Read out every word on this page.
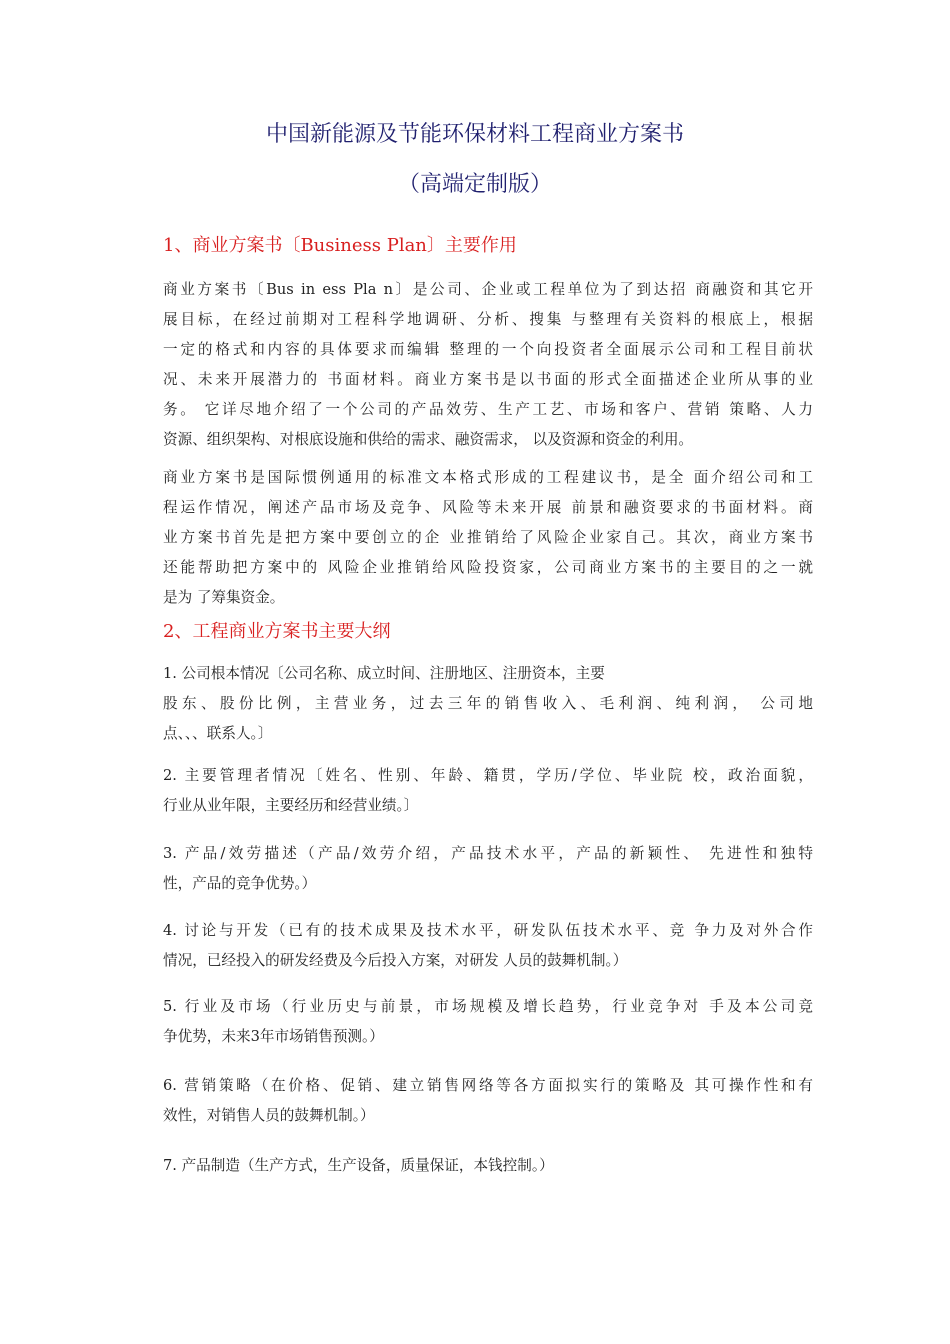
中国新能源及节能环保材料工程商业方案书
（高端定制版）
1、商业方案书〔Business Plan〕主要作用
商业方案书〔Bus in ess Pla n〕是公司、企业或工程单位为了到达招 商融资和其它开
展目标，在经过前期对工程科学地调研、分析、搜集 与整理有关资料的根底上，根据
一定的格式和内容的具体要求而编辑 整理的一个向投资者全面展示公司和工程目前状
况、未来开展潜力的 书面材料。商业方案书是以书面的形式全面描述企业所从事的业
务。 它详尽地介绍了一个公司的产品效劳、生产工艺、市场和客户、营销 策略、人力
资源、组织架构、对根底设施和供给的需求、融资需求， 以及资源和资金的利用。
商业方案书是国际惯例通用的标准文本格式形成的工程建议书，是全 面介绍公司和工
程运作情况，阐述产品市场及竞争、风险等未来开展 前景和融资要求的书面材料。商
业方案书首先是把方案中要创立的企 业推销给了风险企业家自己。其次，商业方案书
还能帮助把方案中的 风险企业推销给风险投资家，公司商业方案书的主要目的之一就
是为 了筹集资金。
2、工程商业方案书主要大纲
1. 公司根本情况〔公司名称、成立时间、注册地区、注册资本，主要
股东、股份比例，主营业务，过去三年的销售收入、毛利润、纯利润， 公司地
点、、、联系人。〕
2. 主要管理者情况〔姓名、性别、年龄、籍贯，学历/学位、毕业院 校，政治面貌，
行业从业年限，主要经历和经营业绩。〕
3. 产品/效劳描述（产品/效劳介绍，产品技术水平，产品的新颖性、 先进性和独特
性，产品的竞争优势。）
4. 讨论与开发（已有的技术成果及技术水平，研发队伍技术水平、竞 争力及对外合作
情况，已经投入的研发经费及今后投入方案，对研发 人员的鼓舞机制。）
5. 行业及市场（行业历史与前景，市场规模及增长趋势，行业竞争对 手及本公司竞
争优势，未来3年市场销售预测。）
6. 营销策略（在价格、促销、建立销售网络等各方面拟实行的策略及 其可操作性和有
效性，对销售人员的鼓舞机制。）
7. 产品制造（生产方式，生产设备，质量保证，本钱控制。）
